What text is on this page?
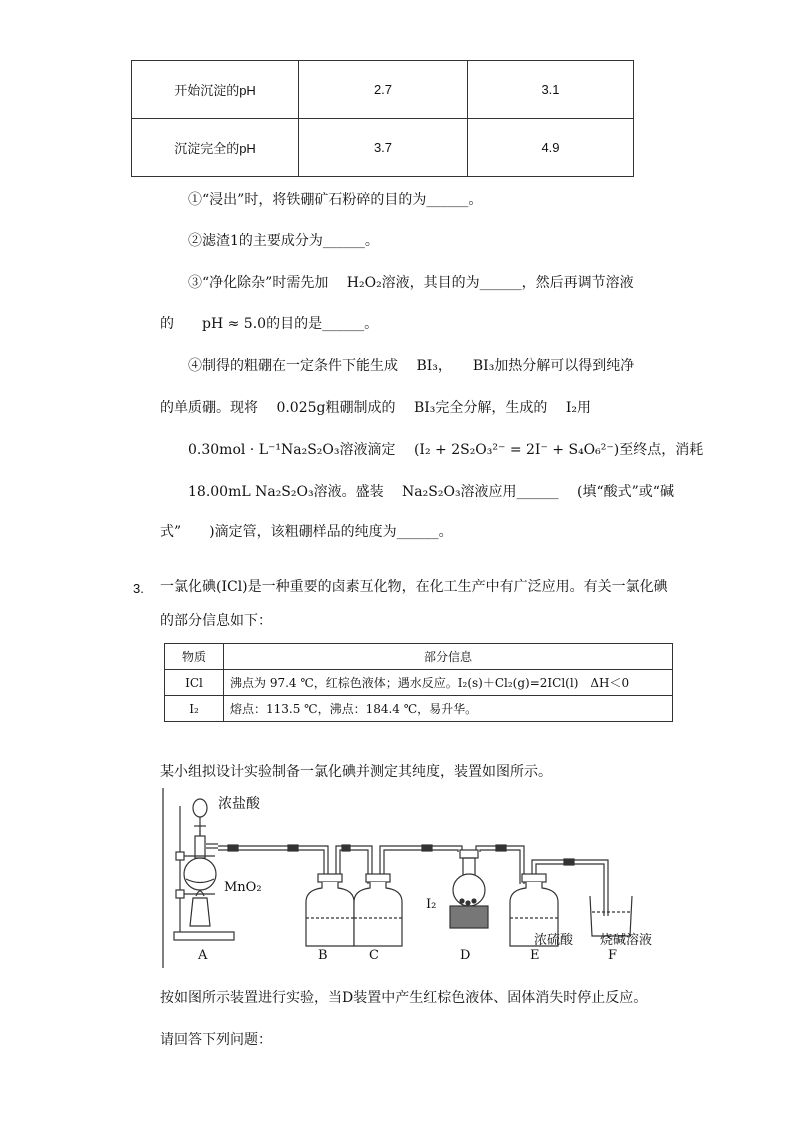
开始沉淀的pH	2.7	3.1
沉淀完全的pH	3.7	4.9
①“浸出”时，将铁硼矿石粉碎的目的为______。
②滤渣1的主要成分为______。
③“净化除杂”时需先加　 H₂O₂溶液，其目的为______，然后再调节溶液
的　　pH ≈ 5.0的目的是______。
④制得的粗硼在一定条件下能生成　 BI₃，　　BI₃加热分解可以得到纯净
的单质硼。现将　 0.025g粗硼制成的　 BI₃完全分解，生成的　 I₂用
0.30mol · L⁻¹Na₂S₂O₃溶液滴定　 (I₂ + 2S₂O₃²⁻ = 2I⁻ + S₄O₆²⁻)至终点，消耗
18.00mL Na₂S₂O₃溶液。盛装　 Na₂S₂O₃溶液应用______　 (填“酸式”或“碱
式”　　)滴定管，该粗硼样品的纯度为______。
3. 一氯化碘(ICl)是一种重要的卤素互化物，在化工生产中有广泛应用。有关一氯化碘
的部分信息如下：
物质	部分信息
ICl	沸点为 97.4 ℃，红棕色液体；遇水反应。I₂(s)＋Cl₂(g)=2ICl(l)　ΔH＜0
I₂	熔点：113.5 ℃，沸点：184.4 ℃，易升华。
某小组拟设计实验制备一氯化碘并测定其纯度，装置如图所示。
浓盐酸
MnO₂
I₂
浓硫酸 烧碱溶液
A	B	C	D	E	F
按如图所示装置进行实验，当D装置中产生红棕色液体、固体消失时停止反应。
请回答下列问题：
